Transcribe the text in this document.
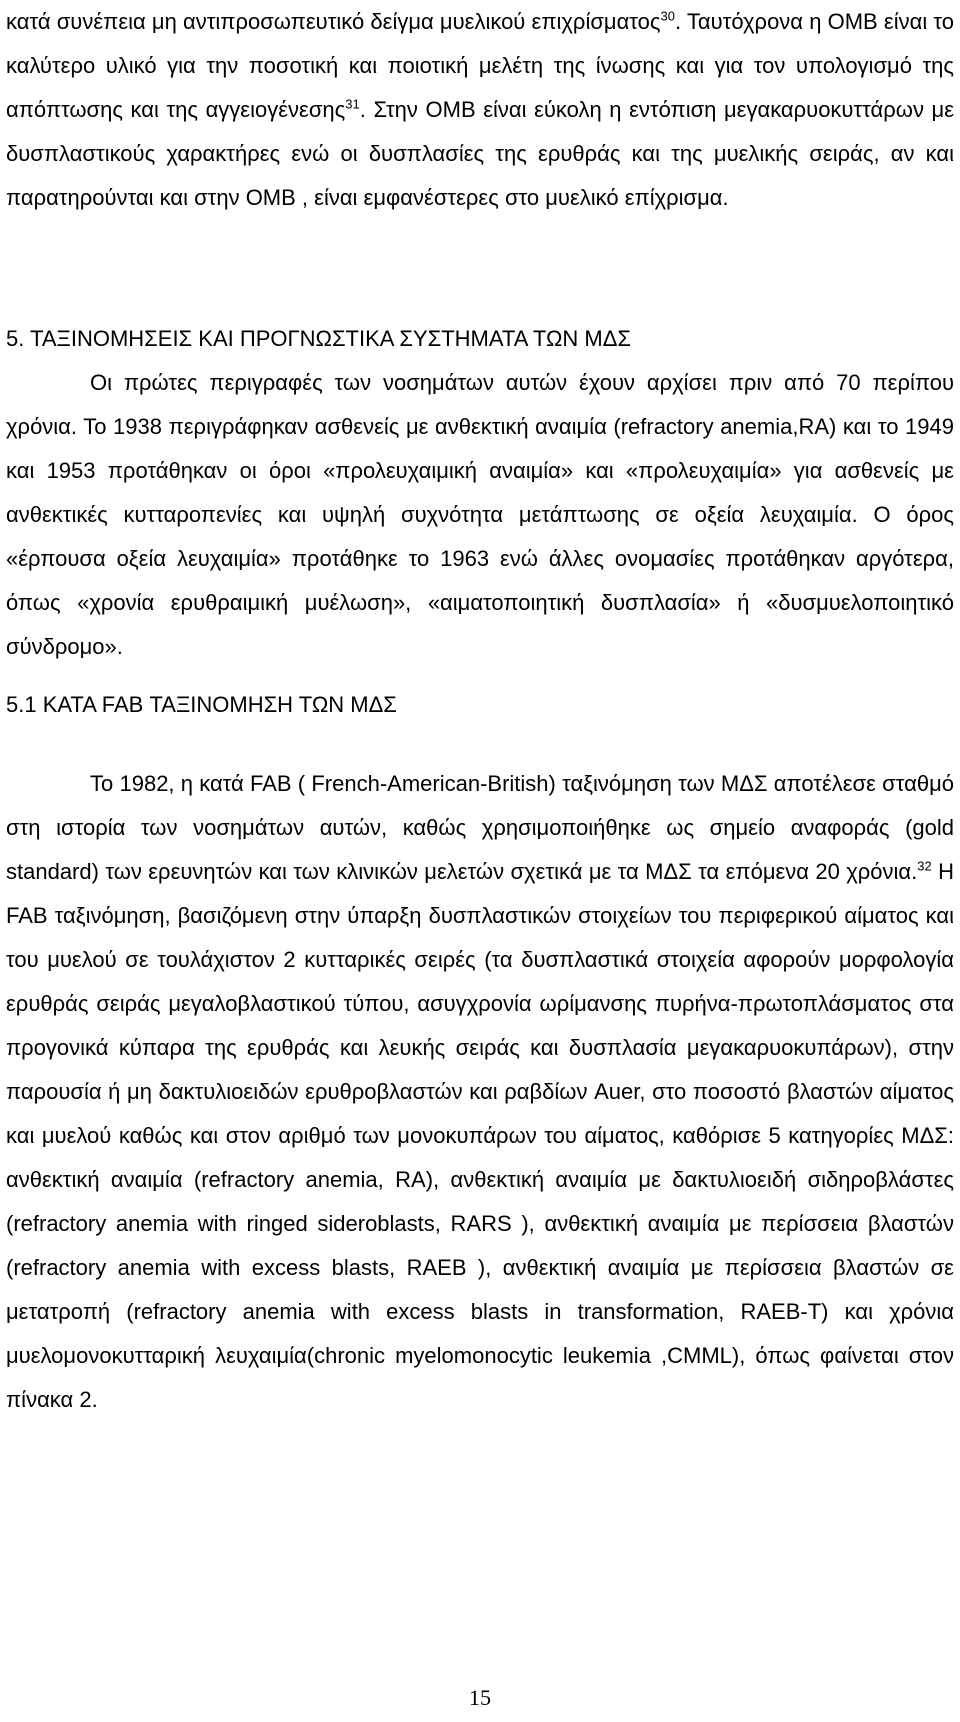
κατά συνέπεια μη αντιπροσωπευτικό δείγμα μυελικού επιχρίσματος$^{30}$. Ταυτόχρονα η ΟΜΒ είναι το καλύτερο υλικό για την ποσοτική και ποιοτική μελέτη της ίνωσης και για τον υπολογισμό της απόπτωσης και της αγγειογένεσης$^{31}$. Στην ΟΜΒ είναι εύκολη η εντόπιση μεγακαρυοκυττάρων με δυσπλαστικούς χαρακτήρες ενώ οι δυσπλασίες της ερυθράς και της μυελικής σειράς, αν και παρατηρούνται και στην ΟΜΒ , είναι εμφανέστερες στο μυελικό επίχρισμα.

5. ΤΑΞΙΝΟΜΗΣΕΙΣ ΚΑΙ ΠΡΟΓΝΩΣΤΙΚΑ ΣΥΣΤΗΜΑΤΑ ΤΩΝ ΜΔΣ

Οι πρώτες περιγραφές των νοσημάτων αυτών έχουν αρχίσει πριν από 70 περίπου χρόνια. Το 1938 περιγράφηκαν ασθενείς με ανθεκτική αναιμία (refractory anemia,RA) και το 1949 και 1953 προτάθηκαν οι όροι «προλευχαιμική αναιμία» και «προλευχαιμία» για ασθενείς με ανθεκτικές κυτταροπενίες και υψηλή συχνότητα μετάπτωσης σε οξεία λευχαιμία. Ο όρος «έρπουσα οξεία λευχαιμία» προτάθηκε το 1963 ενώ άλλες ονομασίες προτάθηκαν αργότερα, όπως «χρονία ερυθραιμική μυέλωση», «αιματοποιητική δυσπλασία» ή «δυσμυελοποιητικό σύνδρομο».

5.1 ΚΑΤΑ FAB ΤΑΞΙΝΟΜΗΣΗ ΤΩΝ ΜΔΣ

Το 1982, η κατά FAB ( French-American-British) ταξινόμηση των ΜΔΣ αποτέλεσε σταθμό στη ιστορία των νοσημάτων αυτών, καθώς χρησιμοποιήθηκε ως σημείο αναφοράς (gold standard) των ερευνητών και των κλινικών μελετών σχετικά με τα ΜΔΣ τα επόμενα 20 χρόνια.$^{32}$ Η FAB ταξινόμηση, βασιζόμενη στην ύπαρξη δυσπλαστικών στοιχείων του περιφερικού αίματος και του μυελού σε τουλάχιστον 2 κυτταρικές σειρές (τα δυσπλαστικά στοιχεία αφορούν μορφολογία ερυθράς σειράς μεγαλοβλαστικού τύπου, ασυγχρονία ωρίμανσης πυρήνα-πρωτοπλάσματος στα προγονικά κύπαρα της ερυθράς και λευκής σειράς και δυσπλασία μεγακαρυοκυπάρων), στην παρουσία ή μη δακτυλιοειδών ερυθροβλαστών και ραβδίων Auer, στο ποσοστό βλαστών αίματος και μυελού καθώς και στον αριθμό των μονοκυπάρων του αίματος, καθόρισε 5 κατηγορίες ΜΔΣ: ανθεκτική αναιμία (refractory anemia, RA), ανθεκτική αναιμία με δακτυλιοειδή σιδηροβλάστες (refractory anemia with ringed sideroblasts, RARS ), ανθεκτική αναιμία με περίσσεια βλαστών (refractory anemia with excess blasts, RAEB ), ανθεκτική αναιμία με περίσσεια βλαστών σε μετατροπή (refractory anemia with excess blasts in transformation, RAEB-T) και χρόνια μυελομονοκυτταρική λευχαιμία(chronic myelomonocytic leukemia ,CMML), όπως φαίνεται στον πίνακα 2.

15
